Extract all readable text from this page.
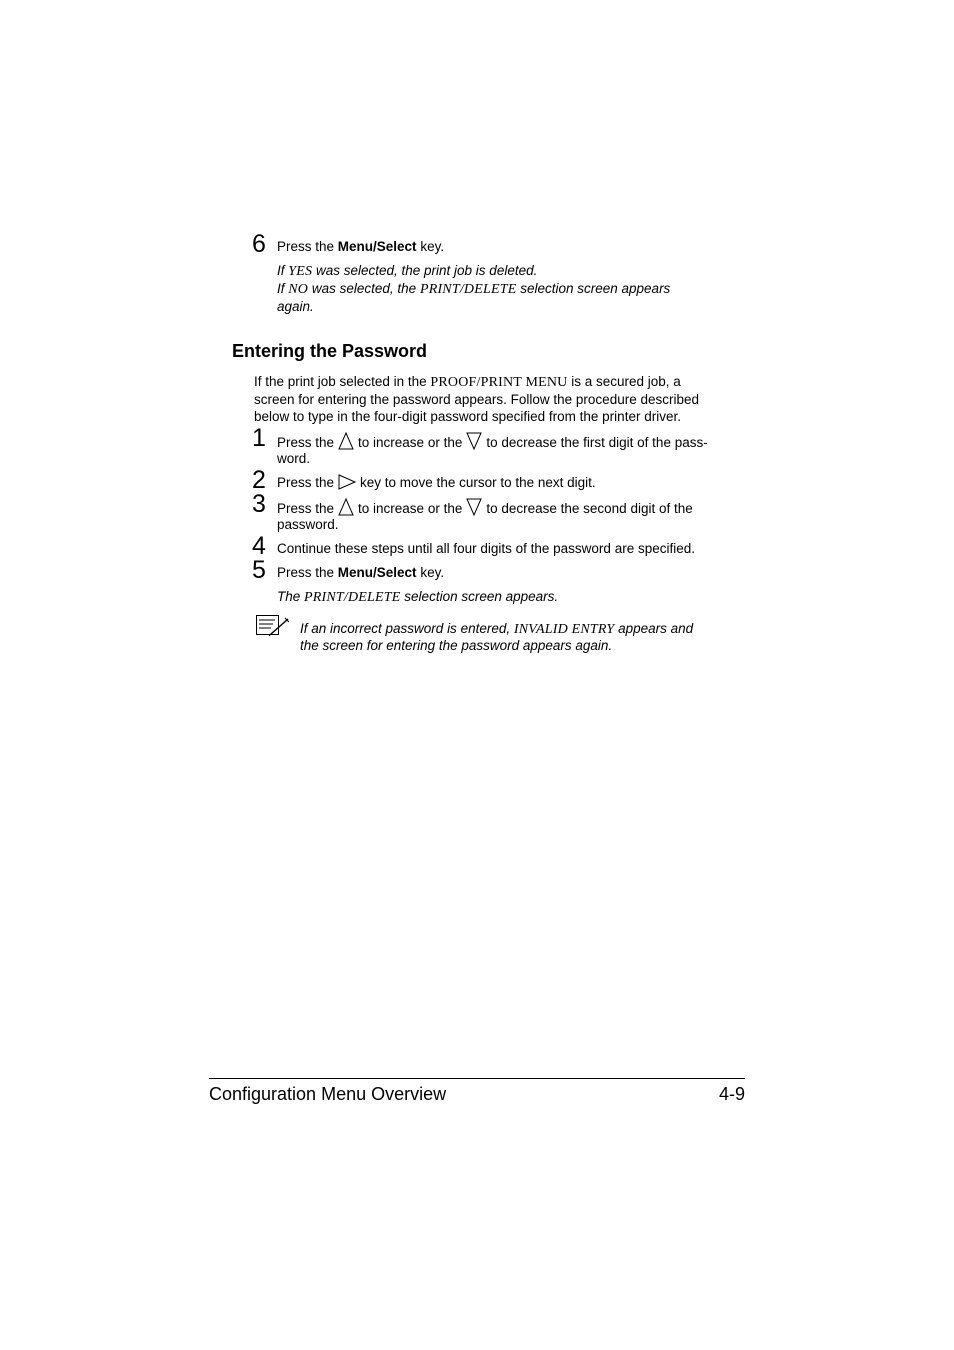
6 Press the Menu/Select key.
If YES was selected, the print job is deleted.
If NO was selected, the PRINT/DELETE selection screen appears
again.
Entering the Password
If the print job selected in the PROOF/PRINT MENU is a secured job, a
screen for entering the password appears. Follow the procedure described
below to type in the four-digit password specified from the printer driver.
1 Press the to increase or the to decrease the first digit of the pass-
word.
2 Press the key to move the cursor to the next digit.
3 Press the to increase or the to decrease the second digit of the
password.
4 Continue these steps until all four digits of the password are specified.
5 Press the Menu/Select key.
The PRINT/DELETE selection screen appears.
If an incorrect password is entered, INVALID ENTRY appears and
the screen for entering the password appears again.
Configuration Menu Overview	4-9
